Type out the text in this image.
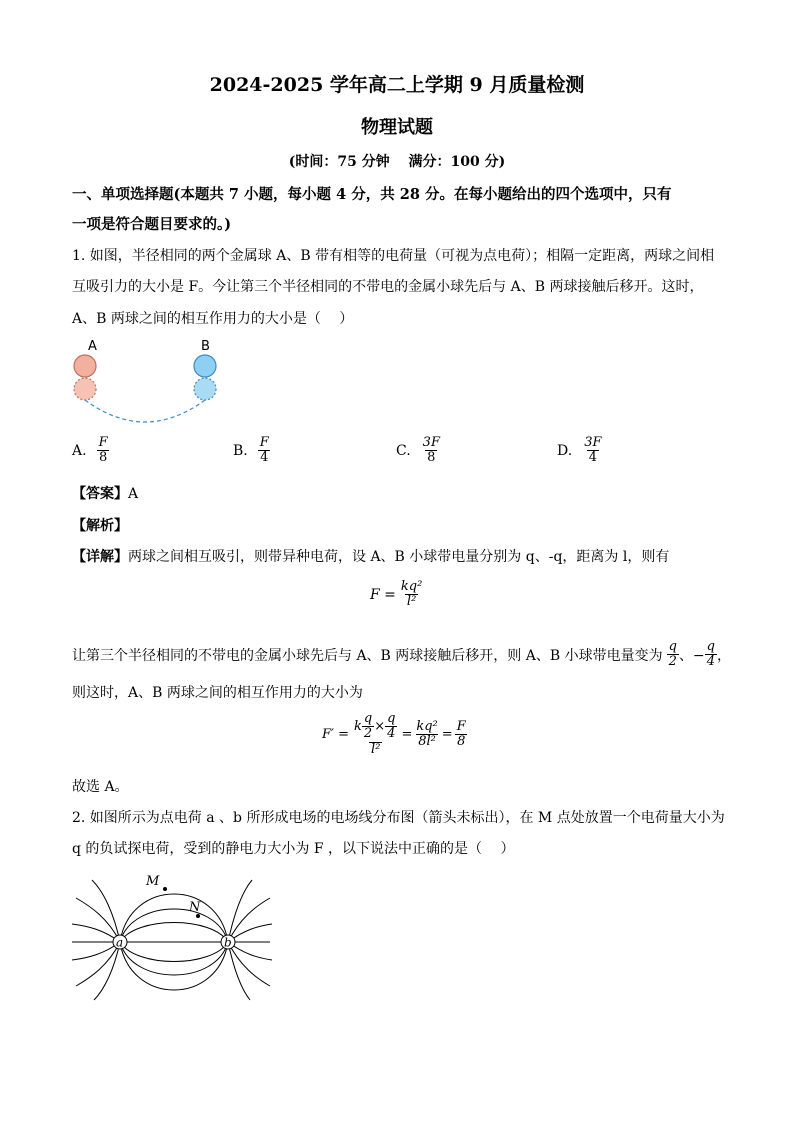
2024-2025 学年高二上学期 9 月质量检测
物理试题
(时间：75 分钟　 满分：100 分)
一、单项选择题(本题共 7 小题，每小题 4 分，共 28 分。在每小题给出的四个选项中，只有
一项是符合题目要求的。)
1. 如图，半径相同的两个金属球 A、B 带有相等的电荷量（可视为点电荷）；相隔一定距离，两球之间相
互吸引力的大小是 F。今让第三个半径相同的不带电的金属小球先后与 A、B 两球接触后移开。这时，
A、B 两球之间的相互作用力的大小是（　 ）
A	B
A. $\frac{F}{8}$	B. $\frac{F}{4}$	C. $\frac{3F}{8}$	D. $\frac{3F}{4}$
【答案】A
【解析】
【详解】两球之间相互吸引，则带异种电荷，设 A、B 小球带电量分别为 q、-q，距离为 l，则有
$F = \frac{\text{kq²}}{\text{l²}}$
让第三个半径相同的不带电的金属小球先后与 A、B 两球接触后移开，则 A、B 小球带电量变为 $\frac{q}{2}$ 、− $\frac{q}{4}$ ，
则这时，A、B 两球之间的相互作用力的大小为
$F' = \frac{k \frac{q}{2} \times \frac{q}{4}}{\text{l²}} = \frac{\text{kq²}}{\text{8l²}} = \frac{F}{8}$
故选 A。
2. 如图所示为点电荷 a 、b 所形成电场的电场线分布图（箭头未标出），在 M 点处放置一个电荷量大小为
q 的负试探电荷，受到的静电力大小为 F ，以下说法中正确的是（　 ）
a	b
M
N
